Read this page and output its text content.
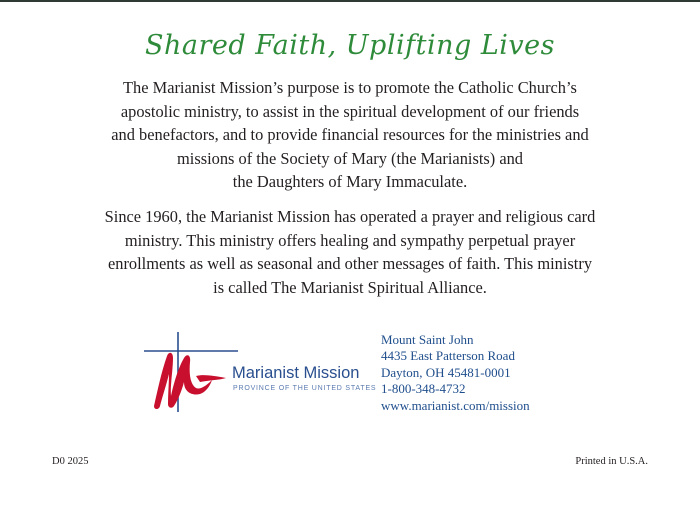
Shared Faith, Uplifting Lives
The Marianist Mission’s purpose is to promote the Catholic Church’s
apostolic ministry, to assist in the spiritual development of our friends
and benefactors, and to provide financial resources for the ministries and
missions of the Society of Mary (the Marianists) and
the Daughters of Mary Immaculate.
Since 1960, the Marianist Mission has operated a prayer and religious card
ministry. This ministry offers healing and sympathy perpetual prayer
enrollments as well as seasonal and other messages of faith. This ministry
is called The Marianist Spiritual Alliance.
Marianist Mission
PROVINCE OF THE UNITED STATES
Mount Saint John
4435 East Patterson Road
Dayton, OH 45481-0001
1-800-348-4732
www.marianist.com/mission
D0 2025	Printed in U.S.A.
